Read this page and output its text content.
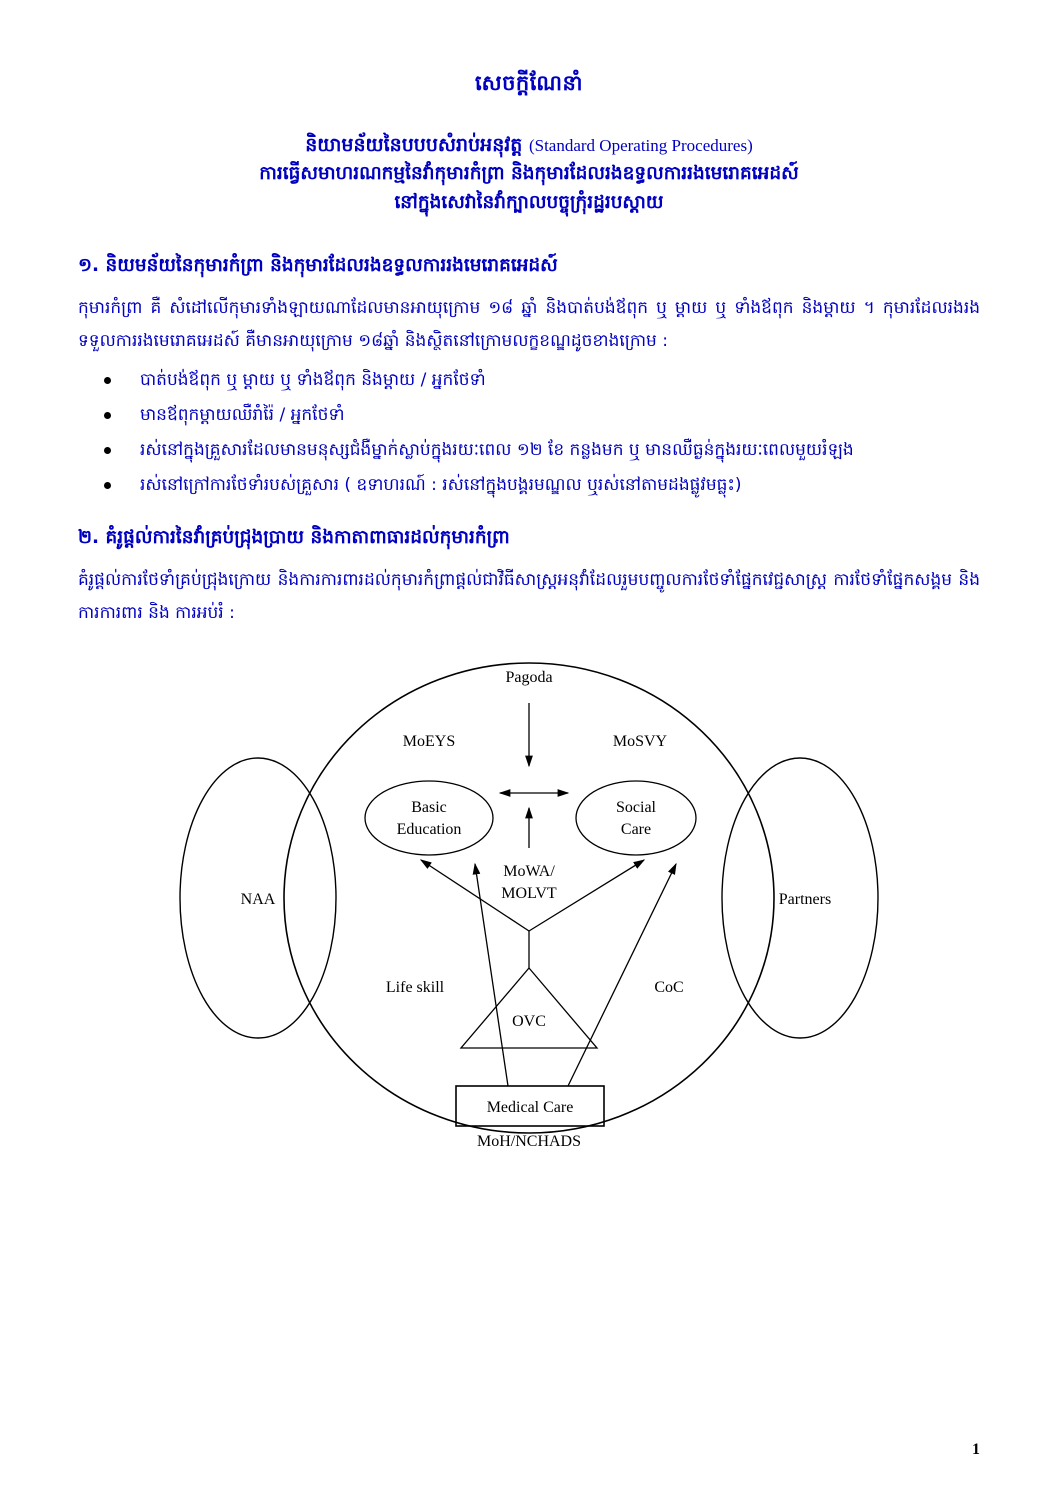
សេចក្ដីណែនាំ
និយាមន័យនៃបបបសំរាប់អនុវត្ត (Standard Operating Procedures)
ការធ្វើសមាហរណកម្មនៃវាំកុមារកំព្រា និងកុមារដែលរងឧទ្ធលការរងមេរោគអេដស៍
នៅក្នុងសេវានៃវាំក្បាលបច្ចុក្រុំរដ្ឋរបស្ដាយ
១. និយមន័យនៃកុមារកំព្រា និងកុមារដែលរងឧទ្ធលការរងមេរោគអេដស៍

កុមារកំព្រា គឺ សំដៅលើកុមារទាំងឡាយណាដែលមានអាយុក្រោម ១៨ ឆ្នាំ និងបាត់បង់ឪពុក ឬ ម្ដាយ ឬ ទាំងឪពុក និងម្ដាយ ។ កុមារដែលរងរងទទួលការរងមេរោគអេដស៍ គឺមានអាយុក្រោម ១៨ឆ្នាំ និងស្ថិតនៅក្រោមលក្ខខណ្ឌដូចខាងក្រោម :

បាត់បង់ឪពុក ឬ ម្ដាយ ឬ ទាំងឪពុក និងម្ដាយ / អ្នកថែទាំ
មានឪពុកម្ដាយឈឺរាំរ៉ៃ / អ្នកថែទាំ
រស់នៅក្នុងគ្រួសារដែលមានមនុស្សជំងឺម្នាក់ស្លាប់ក្នុងរយៈពេល ១២ ខែ កន្លងមក ឬ មានឈឺធ្ងន់ក្នុងរយៈពេលមួយរំឡង
រស់នៅក្រៅការថែទាំរបស់គ្រួសារ ( ឧទាហរណ៍ : រស់នៅក្នុងបង្គរមណ្ឌល ឬរស់នៅតាមដងផ្លូវមធ្លុះ)
២. គំរូផ្ដល់ការនៃវាំគ្រប់ជ្រុងប្រាយ និងកាតាពាធារដល់កុមារកំព្រា

គំរូផ្ដល់ការថែទាំគ្រប់ជ្រុងក្រោយ និងការការពារដល់កុមារកំព្រាផ្ដល់ជាវិធីសាស្ត្រអនុវាំដែលរួមបញ្ចូលការថែទាំផ្នែកវេជ្ជសាស្ត្រ ការថែទាំផ្នែកសង្គម និងការការពារ និង ការអប់រំ :

Pagoda
MoEYS	MoSVY
Basic
Education
Social
Care
MoWA/
MOLVT
NAA	Partners
Life skill	CoC
OVC
Medical Care
MoH/NCHADS
1
